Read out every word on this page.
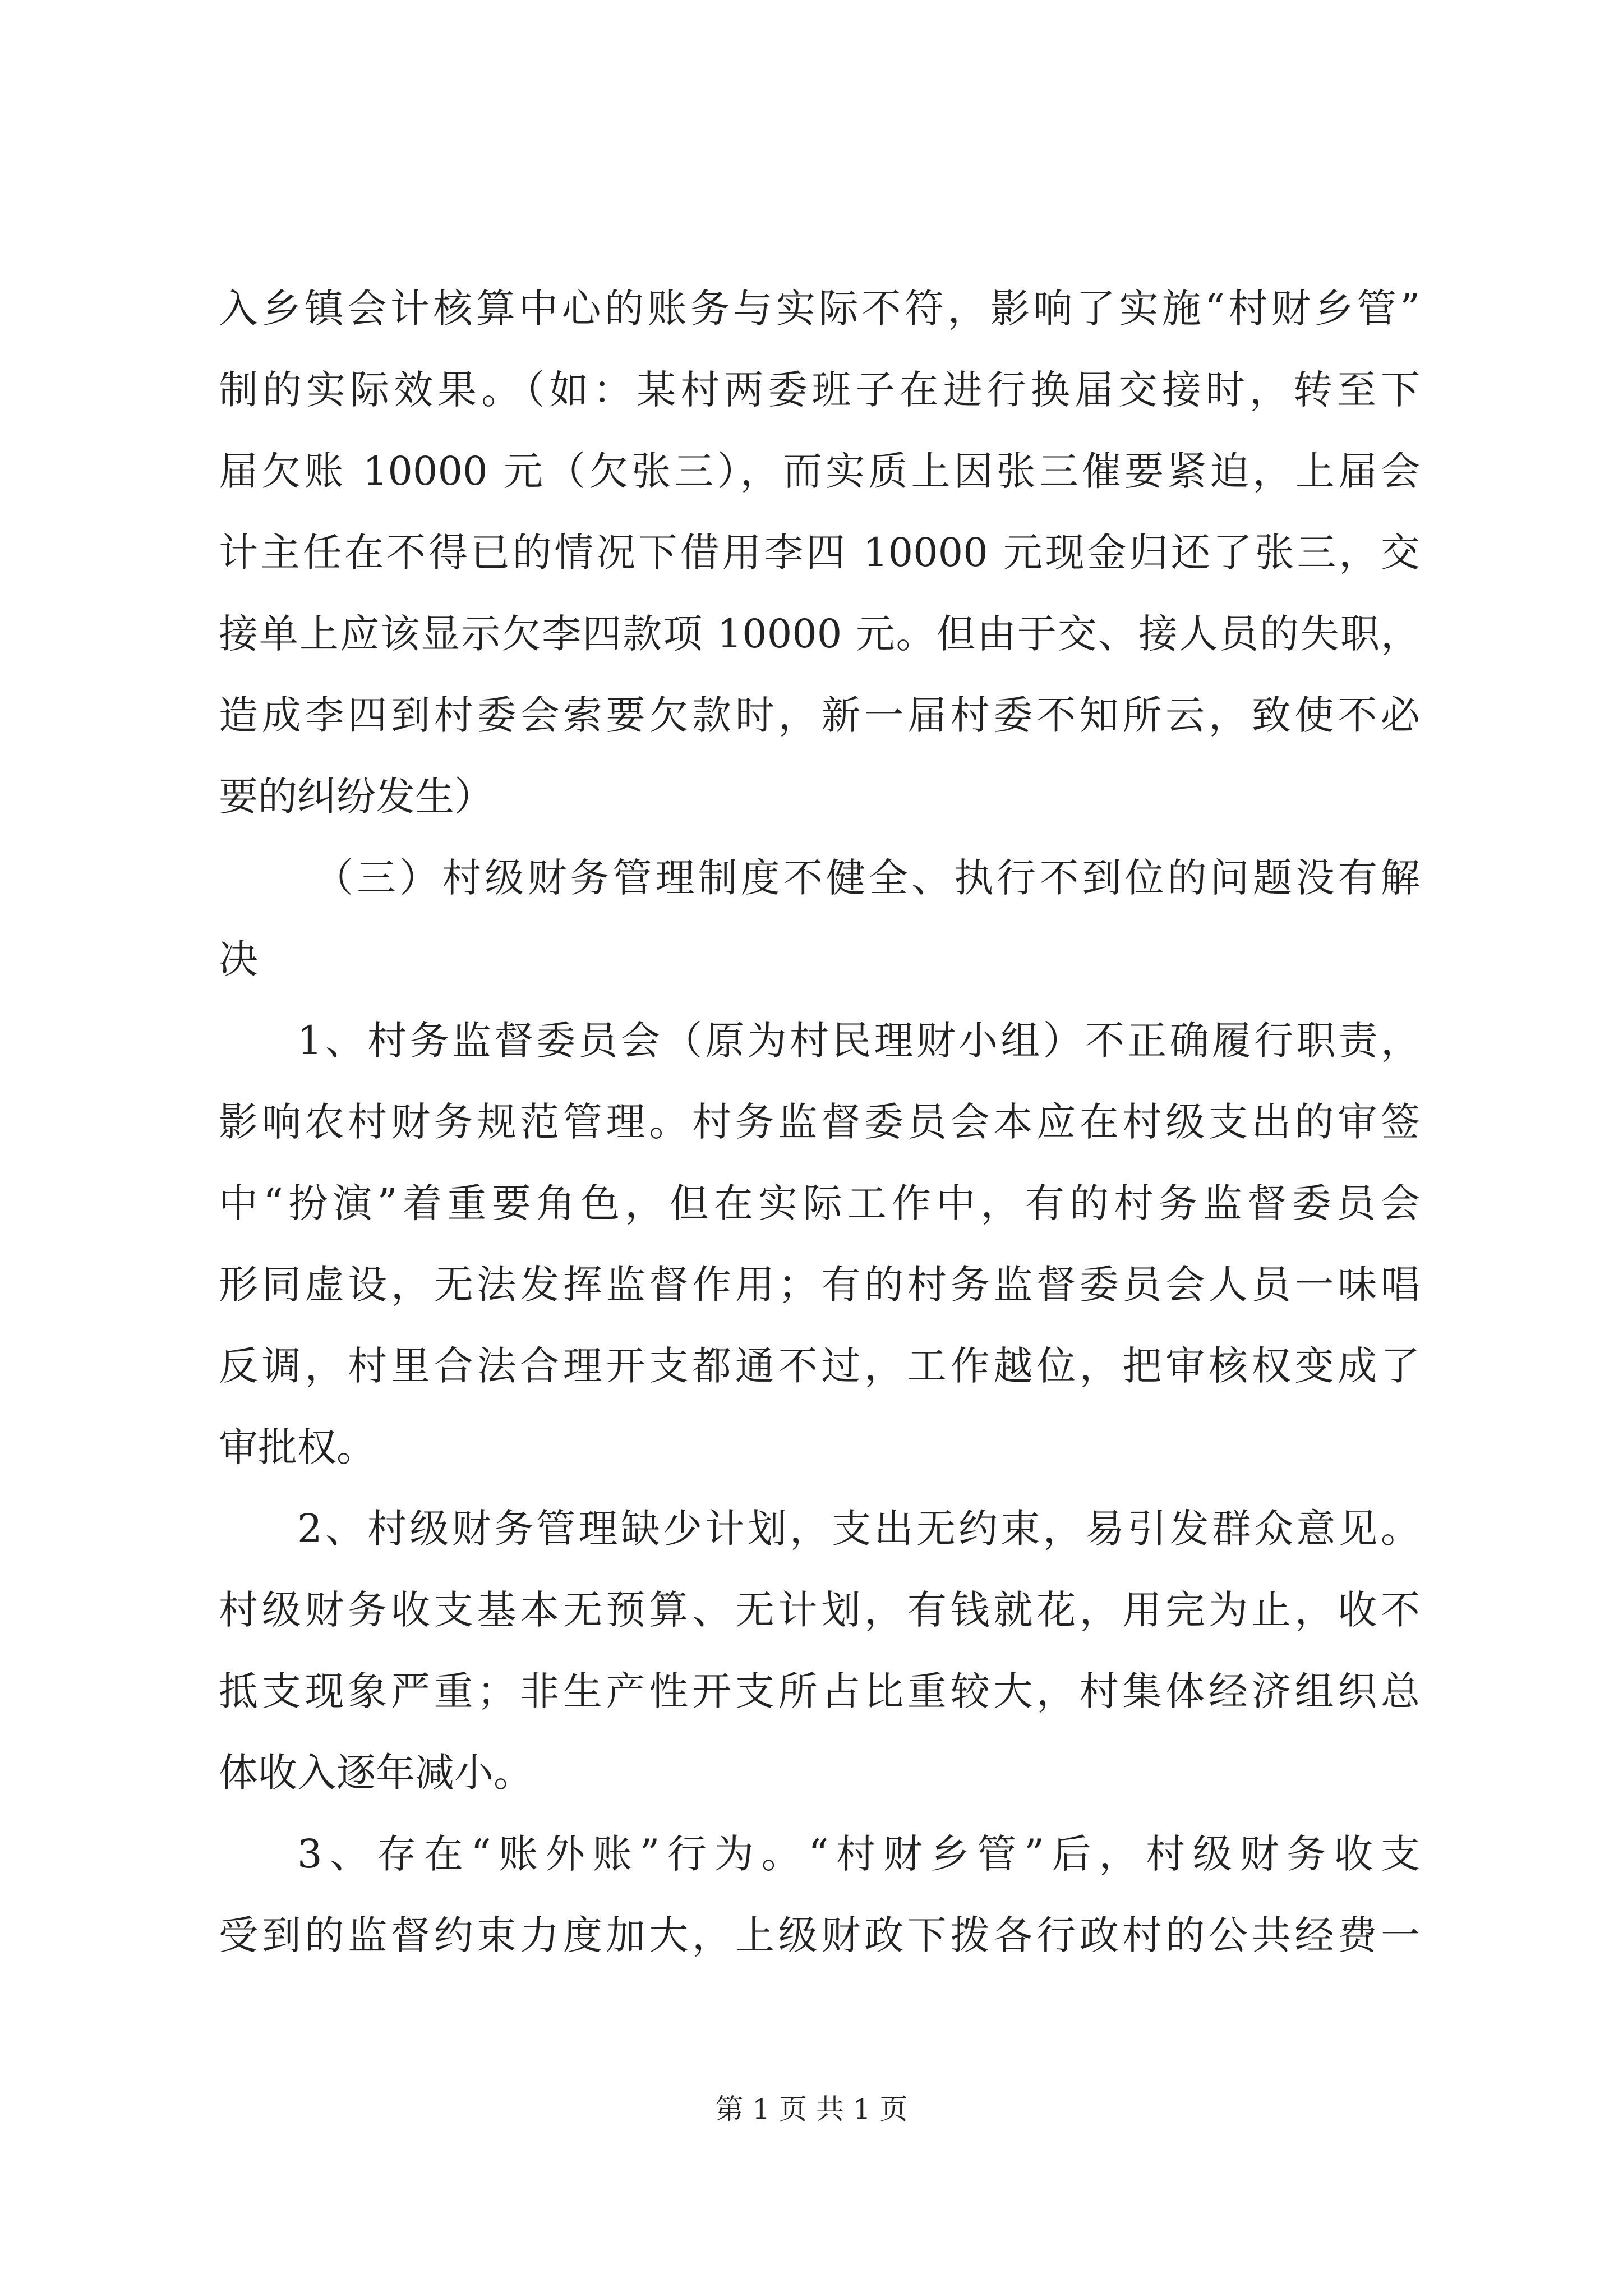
入乡镇会计核算中心的账务与实际不符，影响了实施“村财乡管”
制的实际效果。（如：某村两委班子在进行换届交接时，转至下
届欠账 10000 元（欠张三），而实质上因张三催要紧迫，上届会
计主任在不得已的情况下借用李四 10000 元现金归还了张三，交
接单上应该显示欠李四款项 10000 元。但由于交、接人员的失职，
造成李四到村委会索要欠款时，新一届村委不知所云，致使不必
要的纠纷发生）
（三）村级财务管理制度不健全、执行不到位的问题没有解
决
1、村务监督委员会（原为村民理财小组）不正确履行职责，
影响农村财务规范管理。村务监督委员会本应在村级支出的审签
中“扮演”着重要角色，但在实际工作中，有的村务监督委员会
形同虚设，无法发挥监督作用；有的村务监督委员会人员一味唱
反调，村里合法合理开支都通不过，工作越位，把审核权变成了
审批权。
2、村级财务管理缺少计划，支出无约束，易引发群众意见。
村级财务收支基本无预算、无计划，有钱就花，用完为止，收不
抵支现象严重；非生产性开支所占比重较大，村集体经济组织总
体收入逐年减小。
3、存在“账外账”行为。“村财乡管”后，村级财务收支
受到的监督约束力度加大，上级财政下拨各行政村的公共经费一
第 1 页 共 1 页
